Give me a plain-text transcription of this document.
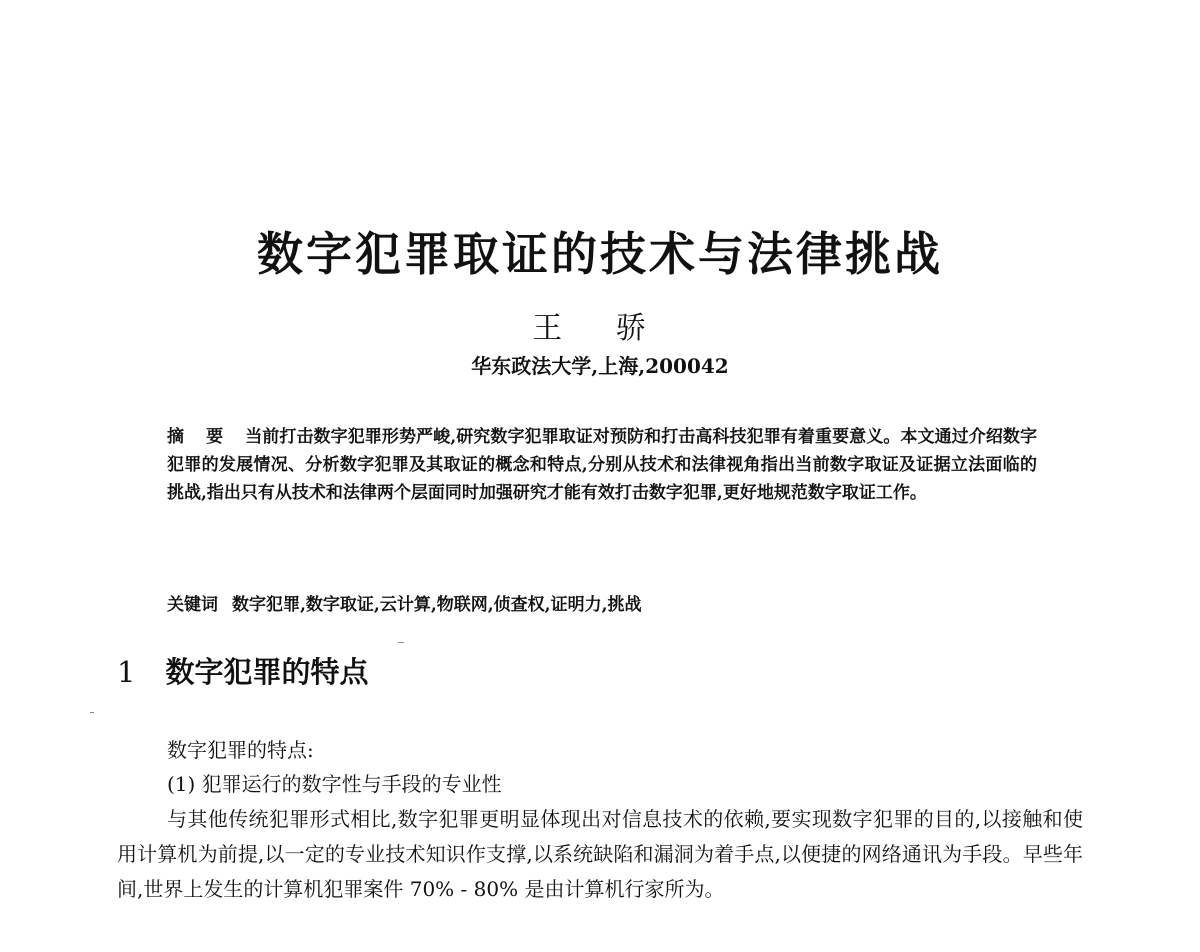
数字犯罪取证的技术与法律挑战
王 骄
华东政法大学,上海,200042
摘 要 当前打击数字犯罪形势严峻,研究数字犯罪取证对预防和打击高科技犯罪有着重要意义。本文通过介绍数字犯罪的发展情况、分析数字犯罪及其取证的概念和特点,分别从技术和法律视角指出当前数字取证及证据立法面临的挑战,指出只有从技术和法律两个层面同时加强研究才能有效打击数字犯罪,更好地规范数字取证工作。
关键词 数字犯罪,数字取证,云计算,物联网,侦查权,证明力,挑战
1 数字犯罪的特点
数字犯罪的特点:
(1) 犯罪运行的数字性与手段的专业性
与其他传统犯罪形式相比,数字犯罪更明显体现出对信息技术的依赖,要实现数字犯罪的目的,以接触和使用计算机为前提,以一定的专业技术知识作支撑,以系统缺陷和漏洞为着手点,以便捷的网络通讯为手段。早些年间,世界上发生的计算机犯罪案件 70% - 80% 是由计算机行家所为。
